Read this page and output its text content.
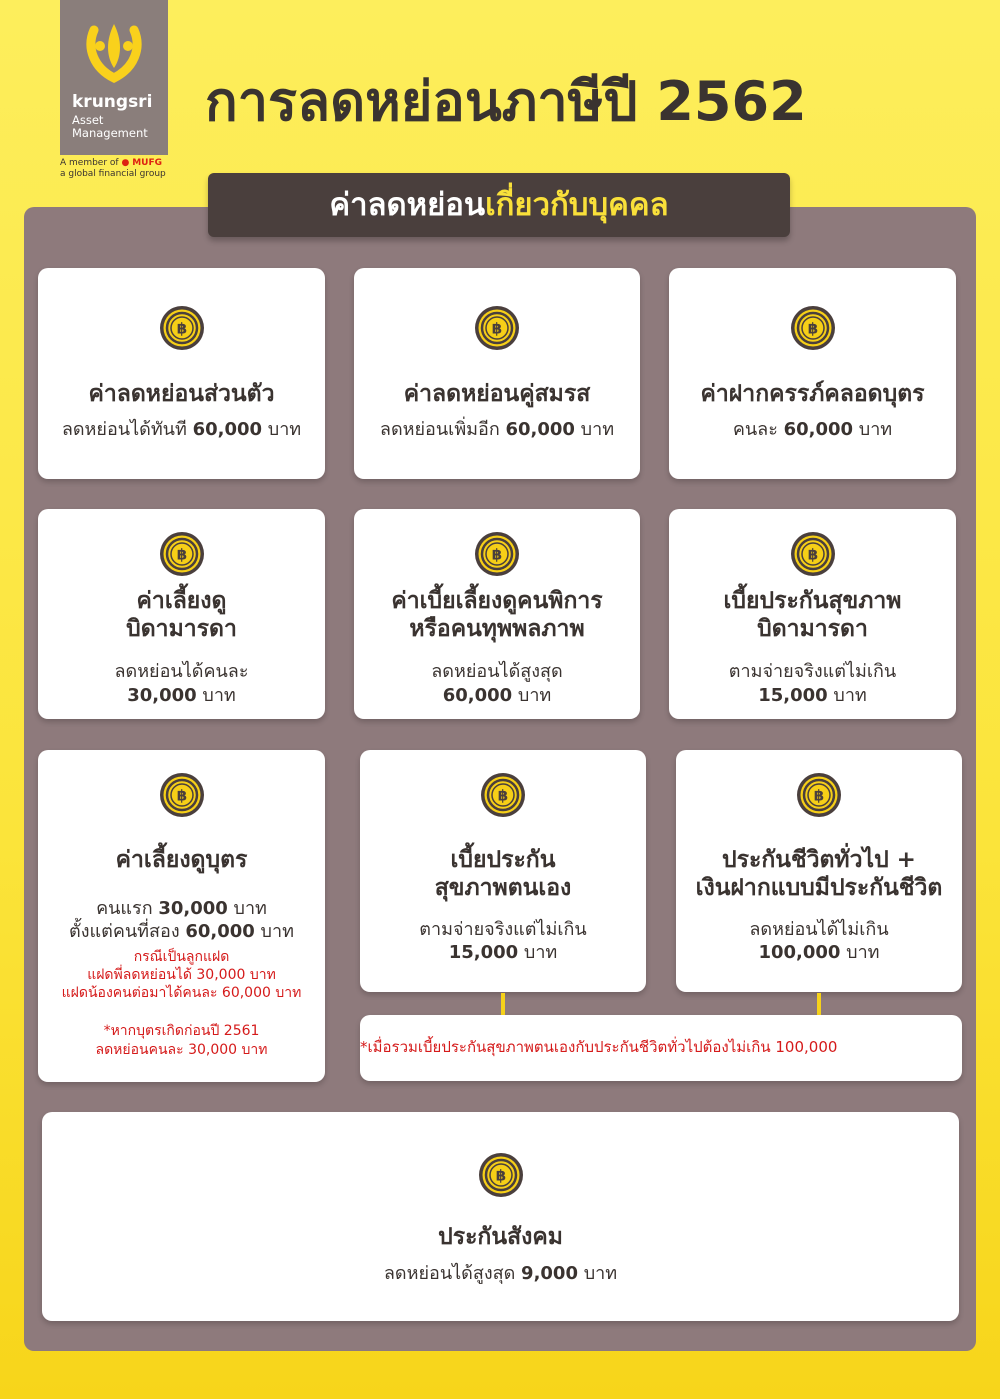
krungsri
Asset
Management
A member of ● MUFG
a global financial group
การลดหย่อนภาษีปี 2562
ค่าลดหย่อนเกี่ยวกับบุคคล
ค่าลดหย่อนส่วนตัว
ลดหย่อนได้ทันที 60,000 บาท
ค่าลดหย่อนคู่สมรส
ลดหย่อนเพิ่มอีก 60,000 บาท
ค่าฝากครรภ์คลอดบุตร
คนละ 60,000 บาท
ค่าเลี้ยงดู
บิดามารดา
ลดหย่อนได้คนละ
30,000 บาท
ค่าเบี้ยเลี้ยงดูคนพิการ
หรือคนทุพพลภาพ
ลดหย่อนได้สูงสุด
60,000 บาท
เบี้ยประกันสุขภาพ
บิดามารดา
ตามจ่ายจริงแต่ไม่เกิน
15,000 บาท
ค่าเลี้ยงดูบุตร
คนแรก 30,000 บาท
ตั้งแต่คนที่สอง 60,000 บาท
กรณีเป็นลูกแฝด
แฝดพี่ลดหย่อนได้ 30,000 บาท
แฝดน้องคนต่อมาได้คนละ 60,000 บาท
*หากบุตรเกิดก่อนปี 2561
ลดหย่อนคนละ 30,000 บาท
เบี้ยประกัน
สุขภาพตนเอง
ตามจ่ายจริงแต่ไม่เกิน
15,000 บาท
ประกันชีวิตทั่วไป +
เงินฝากแบบมีประกันชีวิต
ลดหย่อนได้ไม่เกิน
100,000 บาท
*เมื่อรวมเบี้ยประกันสุขภาพตนเองกับประกันชีวิตทั่วไปต้องไม่เกิน 100,000
ประกันสังคม
ลดหย่อนได้สูงสุด 9,000 บาท
